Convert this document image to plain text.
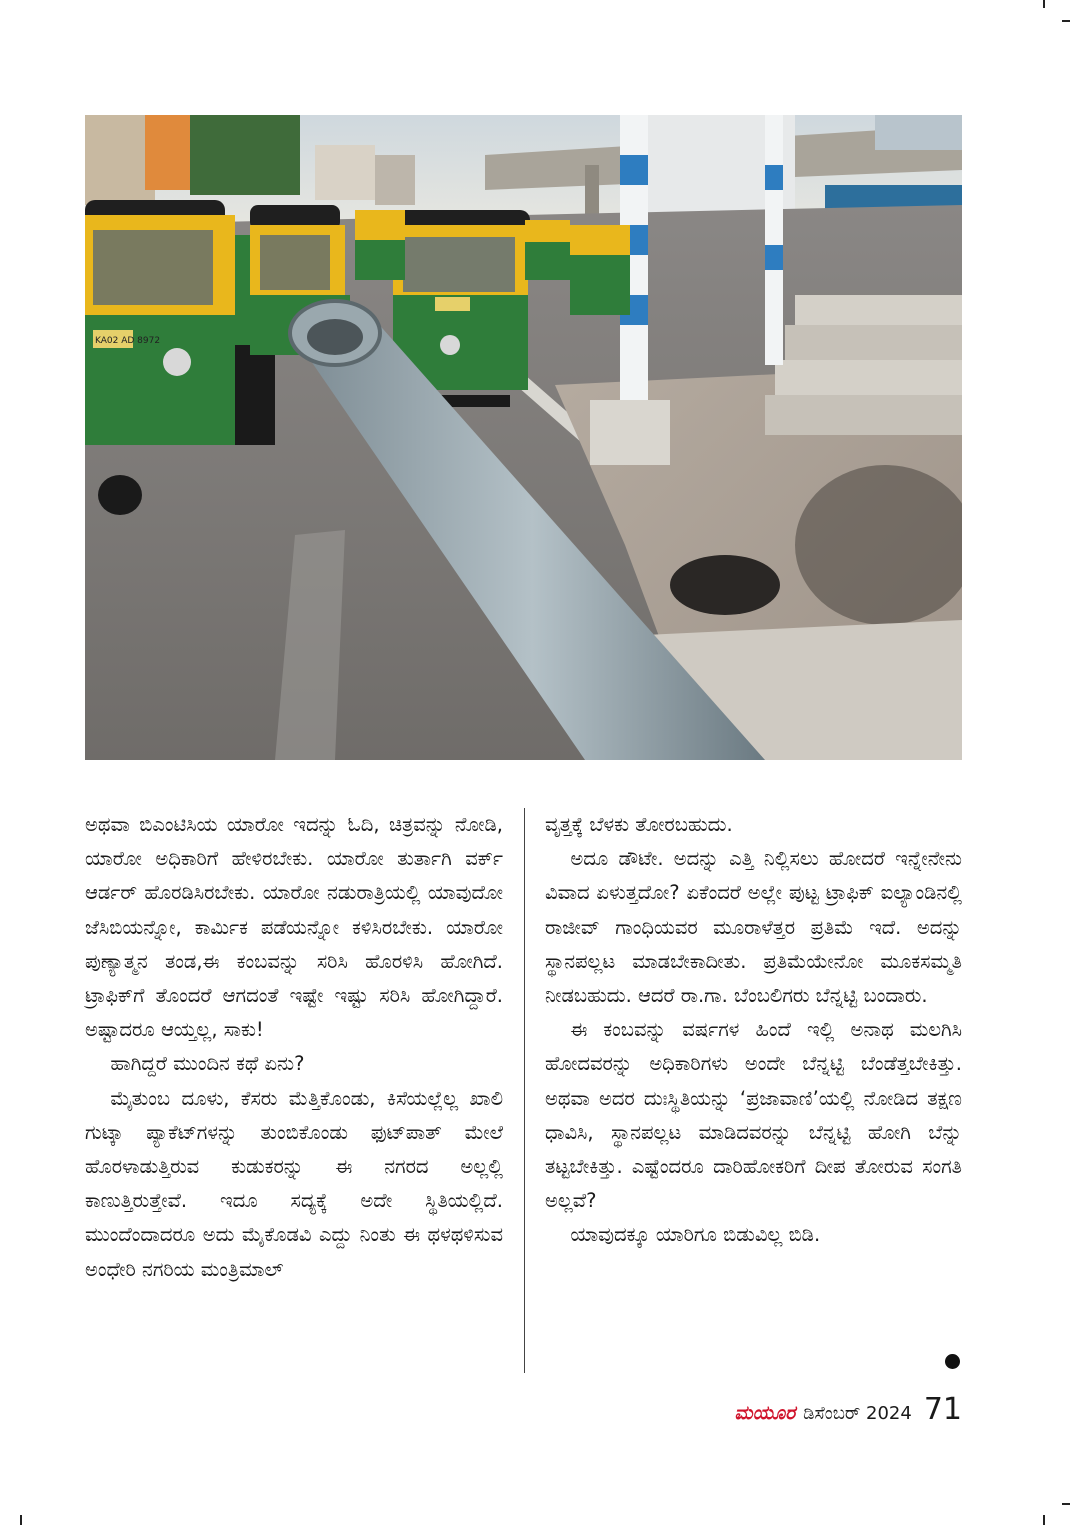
KA02 AD 8972

ಅಥವಾ ಬಿಎಂಟಿಸಿಯ ಯಾರೋ ಇದನ್ನು ಓದಿ, ಚಿತ್ರವನ್ನು ನೋಡಿ, ಯಾರೋ ಅಧಿಕಾರಿಗೆ ಹೇಳಿರಬೇಕು. ಯಾರೋ ತುರ್ತಾಗಿ ವರ್ಕ್ ಆರ್ಡರ್ ಹೊರಡಿಸಿರಬೇಕು. ಯಾರೋ ನಡುರಾತ್ರಿಯಲ್ಲಿ ಯಾವುದೋ ಜೆಸಿಬಿಯನ್ನೋ, ಕಾರ್ಮಿಕ ಪಡೆಯನ್ನೋ ಕಳಿಸಿರಬೇಕು. ಯಾರೋ ಪುಣ್ಯಾತ್ಮನ ತಂಡ,ಈ ಕಂಬವನ್ನು ಸರಿಸಿ ಹೊರಳಿಸಿ ಹೋಗಿದೆ. ಟ್ರಾಫಿಕ್‌ಗೆ ತೊಂದರೆ ಆಗದಂತೆ ಇಷ್ಟೇ ಇಷ್ಟು ಸರಿಸಿ ಹೋಗಿದ್ದಾರೆ. ಅಷ್ಟಾದರೂ ಆಯ್ತಲ್ಲ, ಸಾಕು!

ಹಾಗಿದ್ದರೆ ಮುಂದಿನ ಕಥೆ ಏನು?

ಮೈತುಂಬ ದೂಳು, ಕೆಸರು ಮೆತ್ತಿಕೊಂಡು, ಕಿಸೆಯಲ್ಲೆಲ್ಲ ಖಾಲಿ ಗುಟ್ಕಾ ಪ್ಯಾಕೆಟ್‌ಗಳನ್ನು ತುಂಬಿಕೊಂಡು ಫುಟ್‌ಪಾತ್ ಮೇಲೆ ಹೊರಳಾಡುತ್ತಿರುವ ಕುಡುಕರನ್ನು ಈ ನಗರದ ಅಲ್ಲಲ್ಲಿ ಕಾಣುತ್ತಿರುತ್ತೇವೆ. ಇದೂ ಸದ್ಯಕ್ಕೆ ಅದೇ ಸ್ಥಿತಿಯಲ್ಲಿದೆ. ಮುಂದೆಂದಾದರೂ ಅದು ಮೈಕೊಡವಿ ಎದ್ದು ನಿಂತು ಈ ಥಳಥಳಿಸುವ ಅಂಧೇರಿ ನಗರಿಯ ಮಂತ್ರಿಮಾಲ್

ವೃತ್ತಕ್ಕೆ ಬೆಳಕು ತೋರಬಹುದು.

ಅದೂ ಡೌಟೇ. ಅದನ್ನು ಎತ್ತಿ ನಿಲ್ಲಿಸಲು ಹೋದರೆ ಇನ್ನೇನೇನು ವಿವಾದ ಏಳುತ್ತದೋ? ಏಕೆಂದರೆ ಅಲ್ಲೇ ಪುಟ್ಟ ಟ್ರಾಫಿಕ್ ಐಲ್ಯಾಂಡಿನಲ್ಲಿ ರಾಜೀವ್ ಗಾಂಧಿಯವರ ಮೂರಾಳೆತ್ತರ ಪ್ರತಿಮೆ ಇದೆ. ಅದನ್ನು ಸ್ಥಾನಪಲ್ಲಟ ಮಾಡಬೇಕಾದೀತು. ಪ್ರತಿಮೆಯೇನೋ ಮೂಕಸಮ್ಮತಿ ನೀಡಬಹುದು. ಆದರೆ ರಾ.ಗಾ. ಬೆಂಬಲಿಗರು ಬೆನ್ನಟ್ಟಿ ಬಂದಾರು.

ಈ ಕಂಬವನ್ನು ವರ್ಷಗಳ ಹಿಂದೆ ಇಲ್ಲಿ ಅನಾಥ ಮಲಗಿಸಿ ಹೋದವರನ್ನು ಅಧಿಕಾರಿಗಳು ಅಂದೇ ಬೆನ್ನಟ್ಟಿ ಬೆಂಡೆತ್ತಬೇಕಿತ್ತು. ಅಥವಾ ಅದರ ದುಃಸ್ಥಿತಿಯನ್ನು ‘ಪ್ರಜಾವಾಣಿ’ಯಲ್ಲಿ ನೋಡಿದ ತಕ್ಷಣ ಧಾವಿಸಿ, ಸ್ಥಾನಪಲ್ಲಟ ಮಾಡಿದವರನ್ನು ಬೆನ್ನಟ್ಟಿ ಹೋಗಿ ಬೆನ್ನು ತಟ್ಟಬೇಕಿತ್ತು. ಎಷ್ಟೆಂದರೂ ದಾರಿಹೋಕರಿಗೆ ದೀಪ ತೋರುವ ಸಂಗತಿ ಅಲ್ಲವೆ?

ಯಾವುದಕ್ಕೂ ಯಾರಿಗೂ ಬಿಡುವಿಲ್ಲ ಬಿಡಿ.

ಮಯೂರ ಡಿಸೆಂಬರ್ 2024 71
